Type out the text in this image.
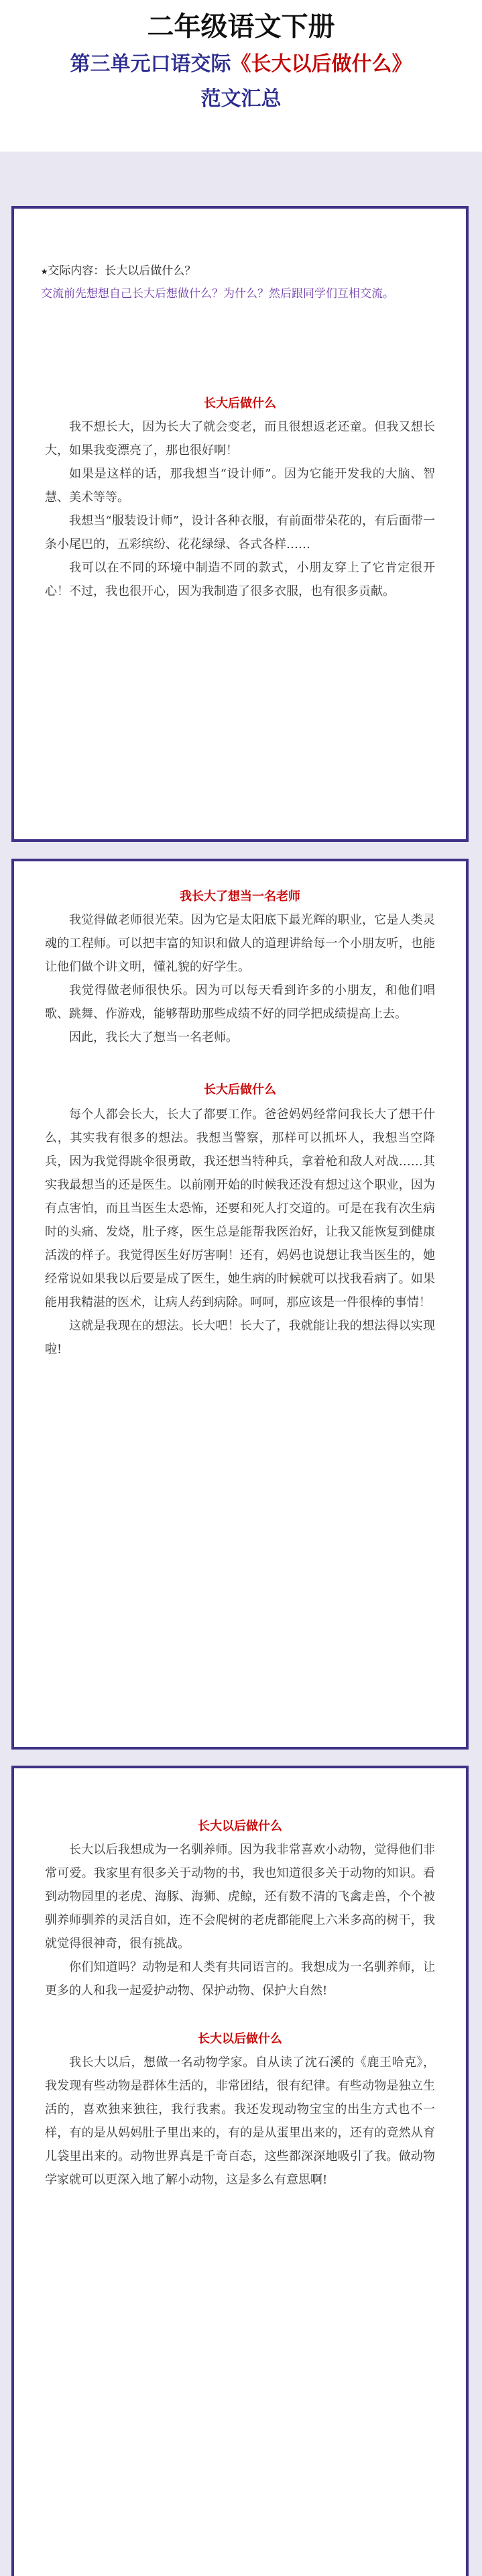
二年级语文下册
第三单元口语交际《长大以后做什么》
范文汇总
★交际内容：长大以后做什么？
交流前先想想自己长大后想做什么？为什么？然后跟同学们互相交流。
长大后做什么

我不想长大，因为长大了就会变老，而且很想返老还童。但我又想长大，如果我变漂亮了，那也很好啊！

如果是这样的话，那我想当“设计师”。因为它能开发我的大脑、智慧、美术等等。

我想当“服装设计师”，设计各种衣服，有前面带朵花的，有后面带一条小尾巴的，五彩缤纷、花花绿绿、各式各样……

我可以在不同的环境中制造不同的款式，小朋友穿上了它肯定很开心！不过，我也很开心，因为我制造了很多衣服，也有很多贡献。

我长大了想当一名老师

我觉得做老师很光荣。因为它是太阳底下最光辉的职业，它是人类灵魂的工程师。可以把丰富的知识和做人的道理讲给每一个小朋友听，也能让他们做个讲文明，懂礼貌的好学生。

我觉得做老师很快乐。因为可以每天看到许多的小朋友，和他们唱歌、跳舞、作游戏，能够帮助那些成绩不好的同学把成绩提高上去。

因此，我长大了想当一名老师。

长大后做什么

每个人都会长大，长大了都要工作。爸爸妈妈经常问我长大了想干什么，其实我有很多的想法。我想当警察，那样可以抓坏人，我想当空降兵，因为我觉得跳伞很勇敢，我还想当特种兵，拿着枪和敌人对战……其实我最想当的还是医生。以前刚开始的时候我还没有想过这个职业，因为有点害怕，而且当医生太恐怖，还要和死人打交道的。可是在我有次生病时的头痛、发烧，肚子疼，医生总是能帮我医治好，让我又能恢复到健康活泼的样子。我觉得医生好厉害啊！还有，妈妈也说想让我当医生的，她经常说如果我以后要是成了医生，她生病的时候就可以找我看病了。如果能用我精湛的医术，让病人药到病除。呵呵，那应该是一件很棒的事情！

这就是我现在的想法。长大吧！长大了，我就能让我的想法得以实现啦!

长大以后做什么

长大以后我想成为一名驯养师。因为我非常喜欢小动物，觉得他们非常可爱。我家里有很多关于动物的书，我也知道很多关于动物的知识。看到动物园里的老虎、海豚、海狮、虎鲸，还有数不清的飞禽走兽，个个被驯养师驯养的灵活自如，连不会爬树的老虎都能爬上六米多高的树干，我就觉得很神奇，很有挑战。

你们知道吗？动物是和人类有共同语言的。我想成为一名驯养师，让更多的人和我一起爱护动物、保护动物、保护大自然!

长大以后做什么

我长大以后，想做一名动物学家。自从读了沈石溪的《鹿王哈克》，我发现有些动物是群体生活的，非常团结，很有纪律。有些动物是独立生活的，喜欢独来独往，我行我素。我还发现动物宝宝的出生方式也不一样，有的是从妈妈肚子里出来的，有的是从蛋里出来的，还有的竟然从育儿袋里出来的。动物世界真是千奇百态，这些都深深地吸引了我。做动物学家就可以更深入地了解小动物，这是多么有意思啊!
